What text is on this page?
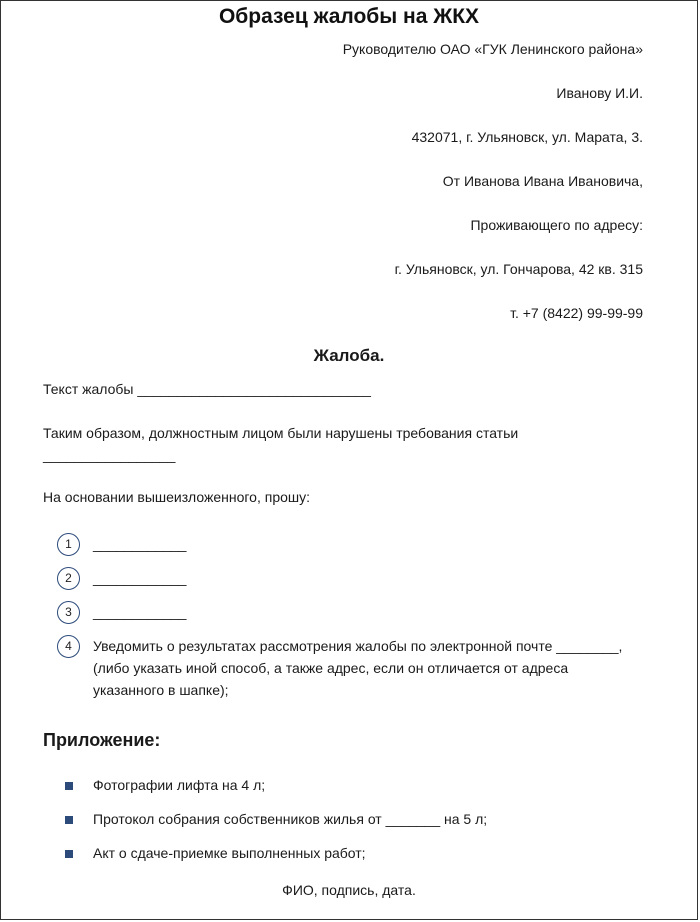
Образец жалобы на ЖКХ
Руководителю ОАО «ГУК Ленинского района»
Иванову И.И.
432071, г. Ульяновск, ул. Марата, 3.
От Иванова Ивана Ивановича,
Проживающего по адресу:
г. Ульяновск, ул. Гончарова, 42 кв. 315
т. +7 (8422) 99-99-99
Жалоба.
Текст жалобы ______________________________
Таким образом, должностным лицом были нарушены требования статьи
_________________
На основании вышеизложенного, прошу:
1	____________
2	____________
3	____________
4	Уведомить о результатах рассмотрения жалобы по электронной почте ________,
(либо указать иной способ, а также адрес, если он отличается от адреса
указанного в шапке);
Приложение:
Фотографии лифта на 4 л;
Протокол собрания собственников жилья от _______ на 5 л;
Акт о сдаче-приемке выполненных работ;
ФИО, подпись, дата.
